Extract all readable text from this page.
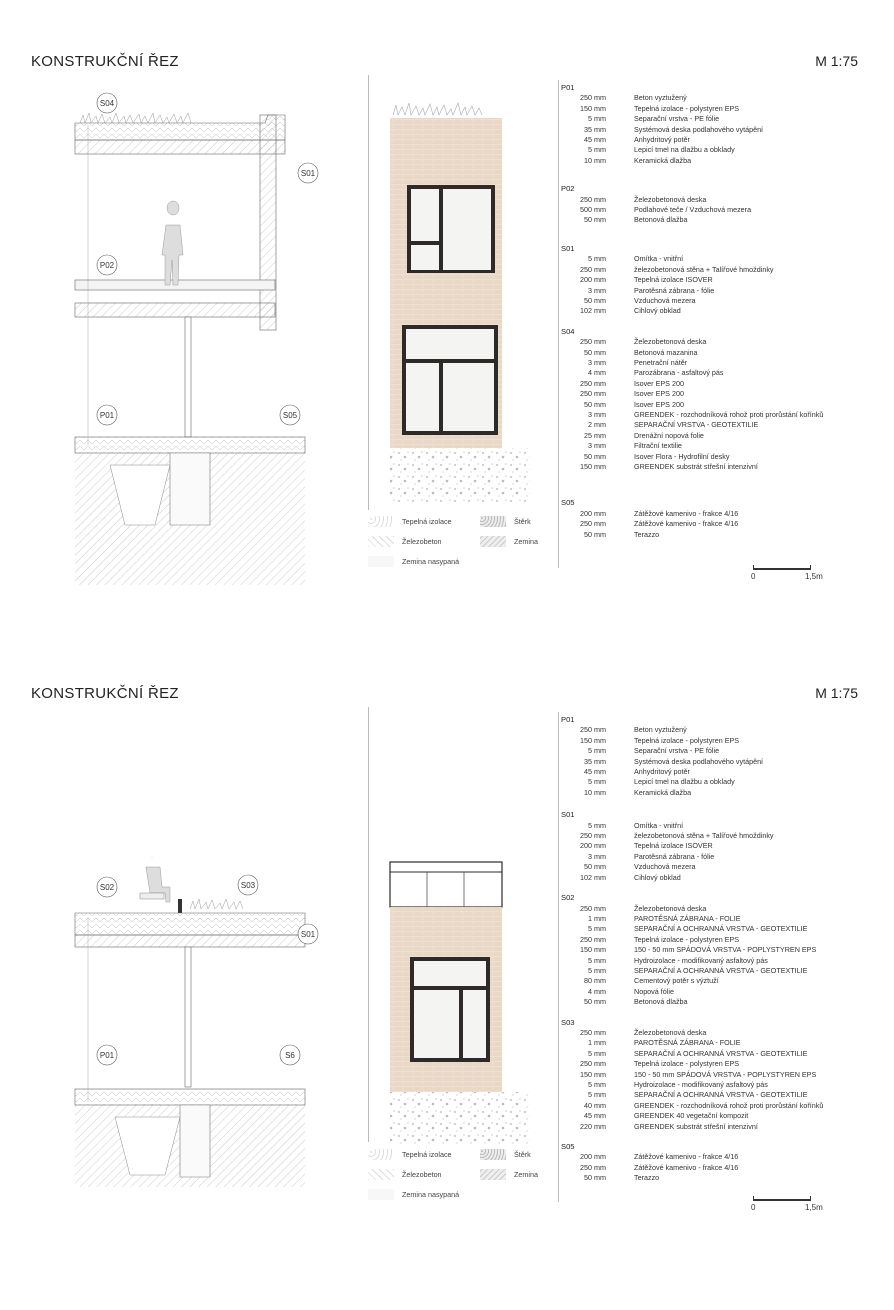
KONSTRUKČNÍ ŘEZ	M 1:75
S04
S01
P02
P01	S05
P01
250 mm	Beton vyztužený
150 mm	Tepelná izolace - polystyren EPS
5 mm	Separační vrstva - PE fólie
35 mm	Systémová deska podlahového vytápění
45 mm	Anhydritový potěr
5 mm	Lepicí tmel na dlažbu a obklady
10 mm	Keramická dlažba
P02
250 mm	Železobetonová deska
500 mm	Podlahové teče / Vzduchová mezera
50 mm	Betonová dlažba
S01
5 mm	Omítka - vnitřní
250 mm	železobetonová stěna + Talířové hmoždinky
200 mm	Tepelná izolace ISOVER
3 mm	Parotěsná zábrana - fólie
50 mm	Vzduchová mezera
102 mm	Cihlový obklad
S04
250 mm	Železobetonová deska
50 mm	Betonová mazanina
3 mm	Penetrační nátěr
4 mm	Parozábrana - asfaltový pás
250 mm	Isover EPS 200
250 mm	Isover EPS 200
50 mm	Isover EPS 200
3 mm	GREENDEK - rozchodníková rohož proti prorůstání kořínků
2 mm	SEPARAČNÍ VRSTVA - GEOTEXTILIE
25 mm	Drenážní nopová folie
3 mm	Filtrační textilie
50 mm	Isover Flora - Hydrofilní desky
150 mm	GREENDEK substrát střešní intenzivní
S05
200 mm	Zátěžové kamenivo - frakce 4/16
250 mm	Zátěžové kamenivo - frakce 4/16
50 mm	Terazzo
Tepelná izolace
Železobeton
Zemina nasypaná
Štěrk
Zemina
0	1,5m
KONSTRUKČNÍ ŘEZ	M 1:75
S02	S03
S01
P01	S6
P01
250 mm	Beton vyztužený
150 mm	Tepelná izolace - polystyren EPS
5 mm	Separační vrstva - PE fólie
35 mm	Systémová deska podlahového vytápění
45 mm	Anhydritový potěr
5 mm	Lepicí tmel na dlažbu a obklady
10 mm	Keramická dlažba
S01
5 mm	Omítka - vnitřní
250 mm	železobetonová stěna + Talířové hmoždinky
200 mm	Tepelná izolace ISOVER
3 mm	Parotěsná zábrana - fólie
50 mm	Vzduchová mezera
102 mm	Cihlový obklad
S02
250 mm	Železobetonová deska
1 mm	PAROTĚSNÁ ZÁBRANA - FOLIE
5 mm	SEPARAČNÍ A OCHRANNÁ VRSTVA - GEOTEXTILIE
250 mm	Tepelná izolace - polystyren EPS
150 mm	150 - 50 mm SPÁDOVÁ VRSTVA - POPLYSTYREN EPS
5 mm	Hydroizolace - modifikovaný asfaltový pás
5 mm	SEPARAČNÍ A OCHRANNÁ VRSTVA - GEOTEXTILIE
80 mm	Cementový potěr s výztuží
4 mm	Nopová fólie
50 mm	Betonová dlažba
S03
250 mm	Železobetonová deska
1 mm	PAROTĚSNÁ ZÁBRANA - FOLIE
5 mm	SEPARAČNÍ A OCHRANNÁ VRSTVA - GEOTEXTILIE
250 mm	Tepelná izolace - polystyren EPS
150 mm	150 - 50 mm SPÁDOVÁ VRSTVA - POPLYSTYREN EPS
5 mm	Hydroizolace - modifikovaný asfaltový pás
5 mm	SEPARAČNÍ A OCHRANNÁ VRSTVA - GEOTEXTILIE
40 mm	GREENDEK - rozchodníková rohož proti prorůstání kořínků
45 mm	GREENDEK 40 vegetační kompozit
220 mm	GREENDEK substrát střešní intenzivní
S05
200 mm	Zátěžové kamenivo - frakce 4/16
250 mm	Zátěžové kamenivo - frakce 4/16
50 mm	Terazzo
Tepelná izolace
Železobeton
Zemina nasypaná
Štěrk
Zemina
0	1,5m
